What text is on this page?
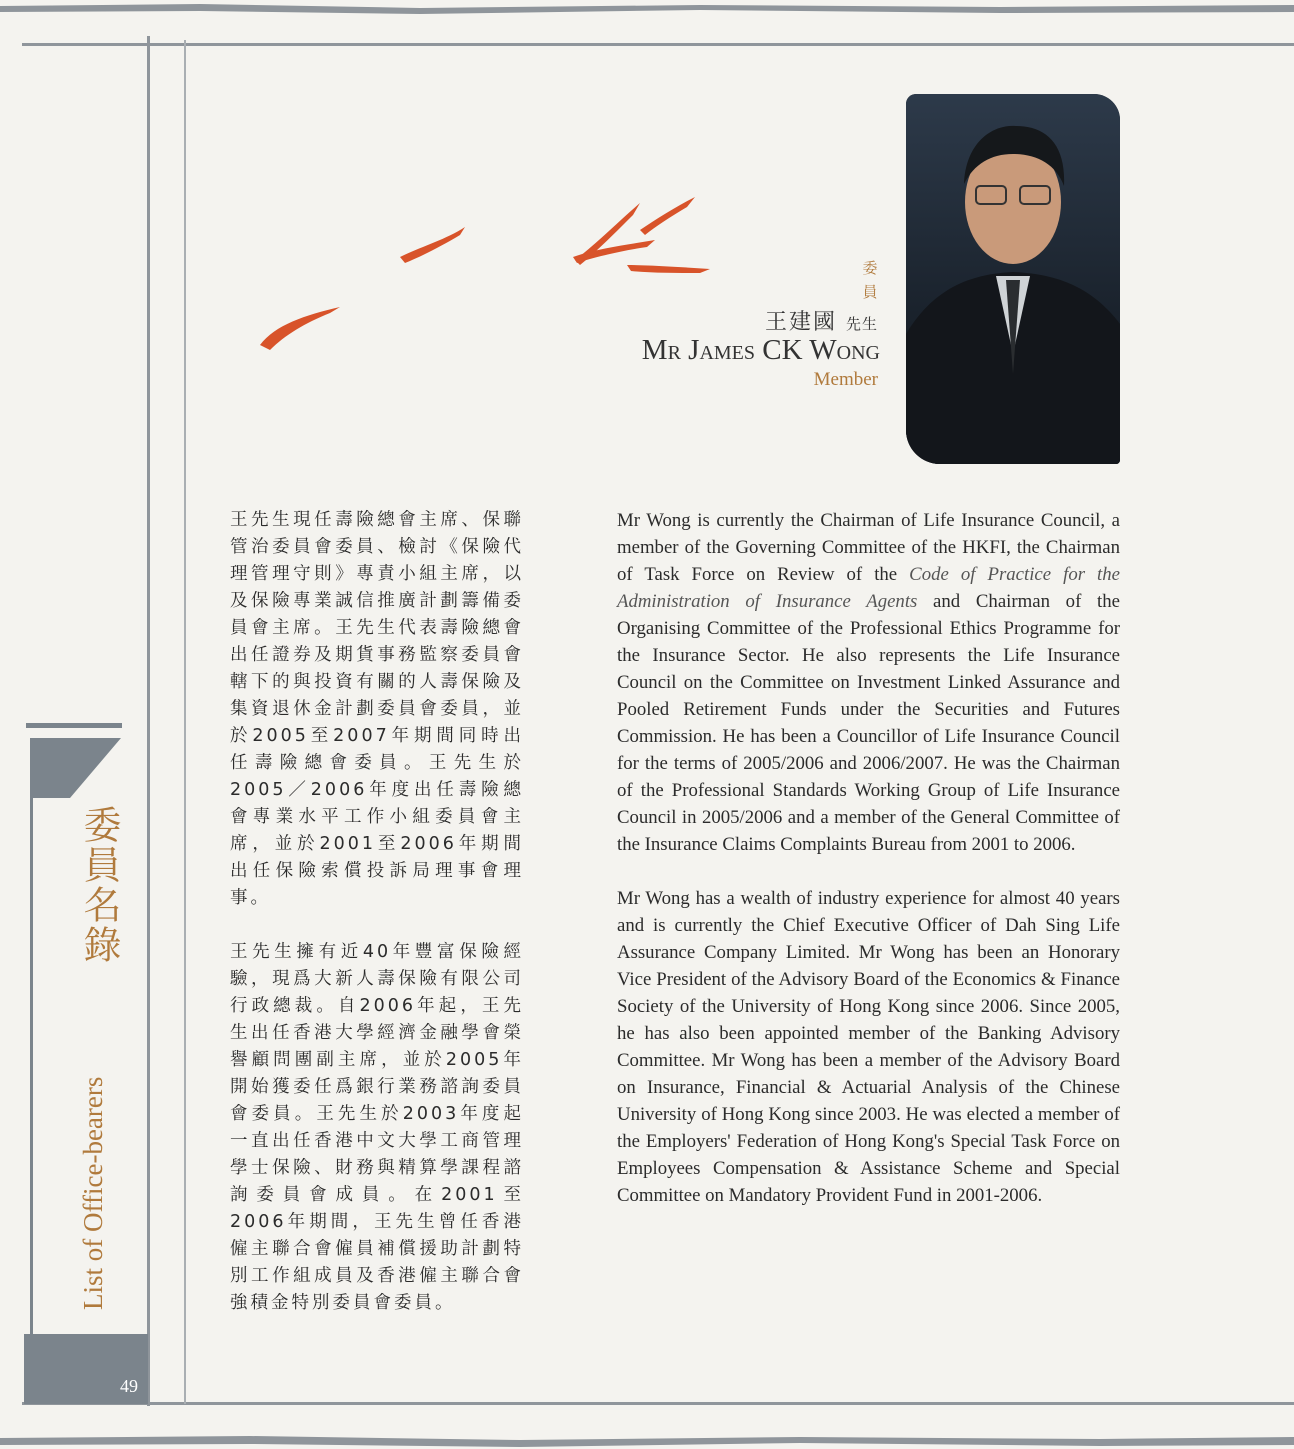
委員名錄
List of Office-bearers
49
委員
王建國 先生
Mr James CK Wong
Member

王先生現任壽險總會主席、保聯管治委員會委員、檢討《保險代理管理守則》專責小組主席，以及保險專業誠信推廣計劃籌備委員會主席。王先生代表壽險總會出任證券及期貨事務監察委員會轄下的與投資有關的人壽保險及集資退休金計劃委員會委員，並於2005至2007年期間同時出任壽險總會委員。王先生於2005／2006年度出任壽險總會專業水平工作小組委員會主席，並於2001至2006年期間出任保險索償投訴局理事會理事。

王先生擁有近40年豐富保險經驗，現爲大新人壽保險有限公司行政總裁。自2006年起，王先生出任香港大學經濟金融學會榮譽顧問團副主席，並於2005年開始獲委任爲銀行業務諮詢委員會委員。王先生於2003年度起一直出任香港中文大學工商管理學士保險、財務與精算學課程諮詢委員會成員。在2001至2006年期間，王先生曾任香港僱主聯合會僱員補償援助計劃特別工作組成員及香港僱主聯合會強積金特別委員會委員。

Mr Wong is currently the Chairman of Life Insurance Council, a member of the Governing Committee of the HKFI, the Chairman of Task Force on Review of the Code of Practice for the Administration of Insurance Agents and Chairman of the Organising Committee of the Professional Ethics Programme for the Insurance Sector. He also represents the Life Insurance Council on the Committee on Investment Linked Assurance and Pooled Retirement Funds under the Securities and Futures Commission. He has been a Councillor of Life Insurance Council for the terms of 2005/2006 and 2006/2007. He was the Chairman of the Professional Standards Working Group of Life Insurance Council in 2005/2006 and a member of the General Committee of the Insurance Claims Complaints Bureau from 2001 to 2006.

Mr Wong has a wealth of industry experience for almost 40 years and is currently the Chief Executive Officer of Dah Sing Life Assurance Company Limited. Mr Wong has been an Honorary Vice President of the Advisory Board of the Economics & Finance Society of the University of Hong Kong since 2006. Since 2005, he has also been appointed member of the Banking Advisory Committee. Mr Wong has been a member of the Advisory Board on Insurance, Financial & Actuarial Analysis of the Chinese University of Hong Kong since 2003. He was elected a member of the Employers' Federation of Hong Kong's Special Task Force on Employees Compensation & Assistance Scheme and Special Committee on Mandatory Provident Fund in 2001-2006.
